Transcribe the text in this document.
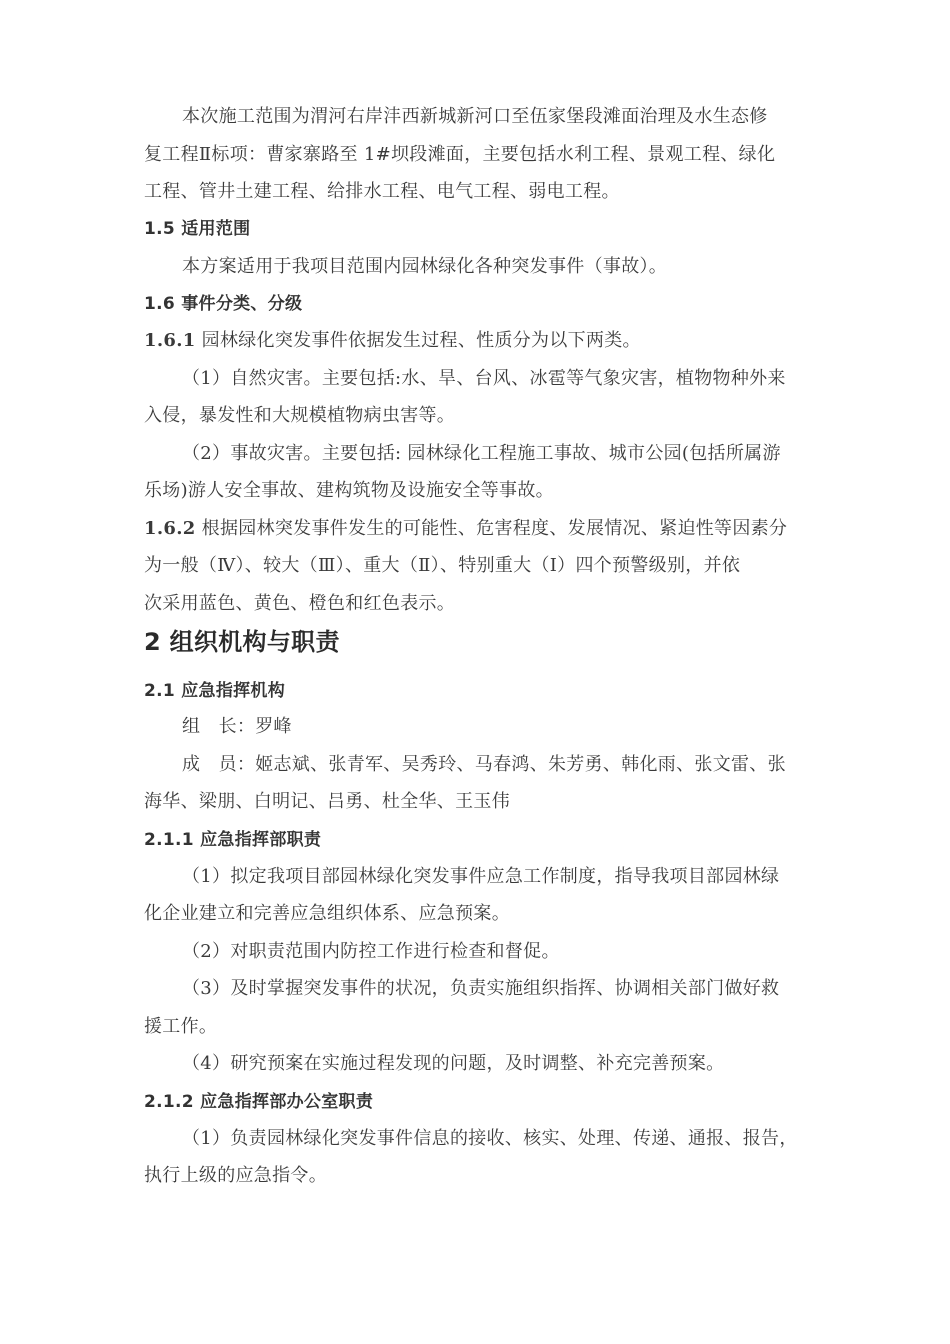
本次施工范围为渭河右岸沣西新城新河口至伍家堡段滩面治理及水生态修
复工程Ⅱ标项：曹家寨路至 1#坝段滩面，主要包括水利工程、景观工程、绿化
工程、管井土建工程、给排水工程、电气工程、弱电工程。
1.5 适用范围
本方案适用于我项目范围内园林绿化各种突发事件（事故）。
1.6 事件分类、分级
1.6.1 园林绿化突发事件依据发生过程、性质分为以下两类。
（1）自然灾害。主要包括:水、旱、台风、冰雹等气象灾害，植物物种外来
入侵，暴发性和大规模植物病虫害等。
（2）事故灾害。主要包括: 园林绿化工程施工事故、城市公园(包括所属游
乐场)游人安全事故、建构筑物及设施安全等事故。
1.6.2 根据园林突发事件发生的可能性、危害程度、发展情况、紧迫性等因素分
为一般（Ⅳ）、较大（Ⅲ）、重大（Ⅱ）、特别重大（Ⅰ）四个预警级别，并依
次采用蓝色、黄色、橙色和红色表示。
2 组织机构与职责
2.1 应急指挥机构
组　长：罗峰
成　员：姬志斌、张青军、吴秀玲、马春鸿、朱芳勇、韩化雨、张文雷、张
海华、梁朋、白明记、吕勇、杜全华、王玉伟
2.1.1 应急指挥部职责
（1）拟定我项目部园林绿化突发事件应急工作制度，指导我项目部园林绿
化企业建立和完善应急组织体系、应急预案。
（2）对职责范围内防控工作进行检查和督促。
（3）及时掌握突发事件的状况，负责实施组织指挥、协调相关部门做好救
援工作。
（4）研究预案在实施过程发现的问题，及时调整、补充完善预案。
2.1.2 应急指挥部办公室职责
（1）负责园林绿化突发事件信息的接收、核实、处理、传递、通报、报告，
执行上级的应急指令。
